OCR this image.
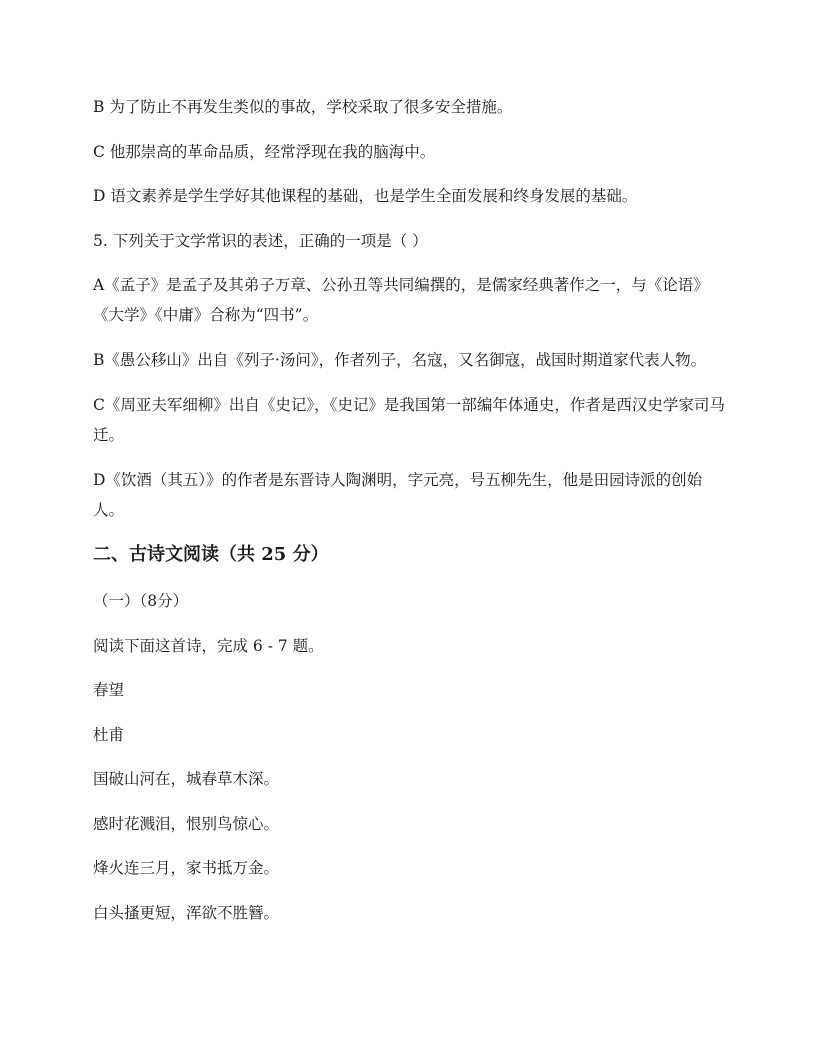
B 为了防止不再发生类似的事故，学校采取了很多安全措施。

C 他那崇高的革命品质，经常浮现在我的脑海中。

D 语文素养是学生学好其他课程的基础，也是学生全面发展和终身发展的基础。

5. 下列关于文学常识的表述，正确的一项是（ ）

A《孟子》是孟子及其弟子万章、公孙丑等共同编撰的，是儒家经典著作之一，与《论语》《大学》《中庸》合称为“四书”。

B《愚公移山》出自《列子·汤问》，作者列子，名寇，又名御寇，战国时期道家代表人物。

C《周亚夫军细柳》出自《史记》，《史记》是我国第一部编年体通史，作者是西汉史学家司马迁。

D《饮酒（其五）》的作者是东晋诗人陶渊明，字元亮，号五柳先生，他是田园诗派的创始人。

二、古诗文阅读（共 25 分）

（一）（8分）

阅读下面这首诗，完成 6 - 7 题。

春望

杜甫

国破山河在，城春草木深。

感时花溅泪，恨别鸟惊心。

烽火连三月，家书抵万金。

白头搔更短，浑欲不胜簪。
